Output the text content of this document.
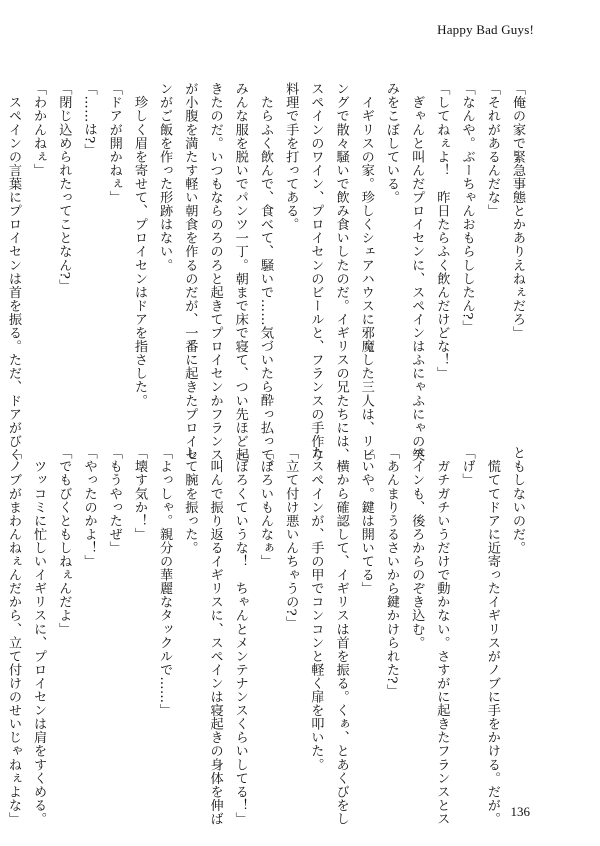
Happy Bad Guys!
「俺の家で緊急事態とかありえねぇだろ」
「それがあるんだな」
「なんや。ぶーちゃんおもらししたん?」
「してねぇよ！　昨日たらふく飲んだけどな！」
　ぎゃんと叫んだプロイセンに、スペインはふにゃふにゃの笑
みをこぼしている。
　イギリスの家。珍しくシェアハウスに邪魔した三人は、リビ
ングで散々騒いで飲み食いしたのだ。イギリスの兄たちには、
スペインのワイン、プロイセンのビールと、フランスの手作り
料理で手を打ってある。
　たらふく飲んで、食べて、騒いで……気づいたら酔っ払って、
みんな服を脱いでパンツ一丁。朝まで床で寝て、つい先ほど起
きたのだ。いつもならのろのろと起きてプロイセンかフランス
が小腹を満たす軽い朝食を作るのだが、一番に起きたプロイセ
ンがご飯を作った形跡はない。
　珍しく眉を寄せて、プロイセンはドアを指さした。
「ドアが開かねぇ」
「……は?」
「閉じ込められたってことなん?」
「わかんねぇ」
　スペインの言葉にプロイセンは首を振る。ただ、ドアがびく
ともしないのだ。
　慌ててドアに近寄ったイギリスがノブに手をかける。だが。
「げ」
　ガチガチいうだけで動かない。さすがに起きたフランスとス
ペインも、後ろからのぞき込む。
「あんまりうるさいから鍵かけられた?」
「いや。鍵は開いてる」
　横から確認して、イギリスは首を振る。くぁ、とあくびをし
たスペインが、手の甲でコンコンと軽く扉を叩いた。
「立て付け悪いんちゃうの?」
「ぼろいもんなぁ」
「ぼろくていうな！　ちゃんとメンテナンスくらいしてる！」
　叫んで振り返るイギリスに、スペインは寝起きの身体を伸ば
して腕を振った。
「よっしゃ。親分の華麗なタックルで……」
「壊す気か！」
「もうやったぜ」
「やったのかよ！」
「でもびくともしねぇんだよ」
　ツッコミに忙しいイギリスに、プロイセンは肩をすくめる。
「ノブがまわんねぇんだから、立て付けのせいじゃねぇよな」	136
